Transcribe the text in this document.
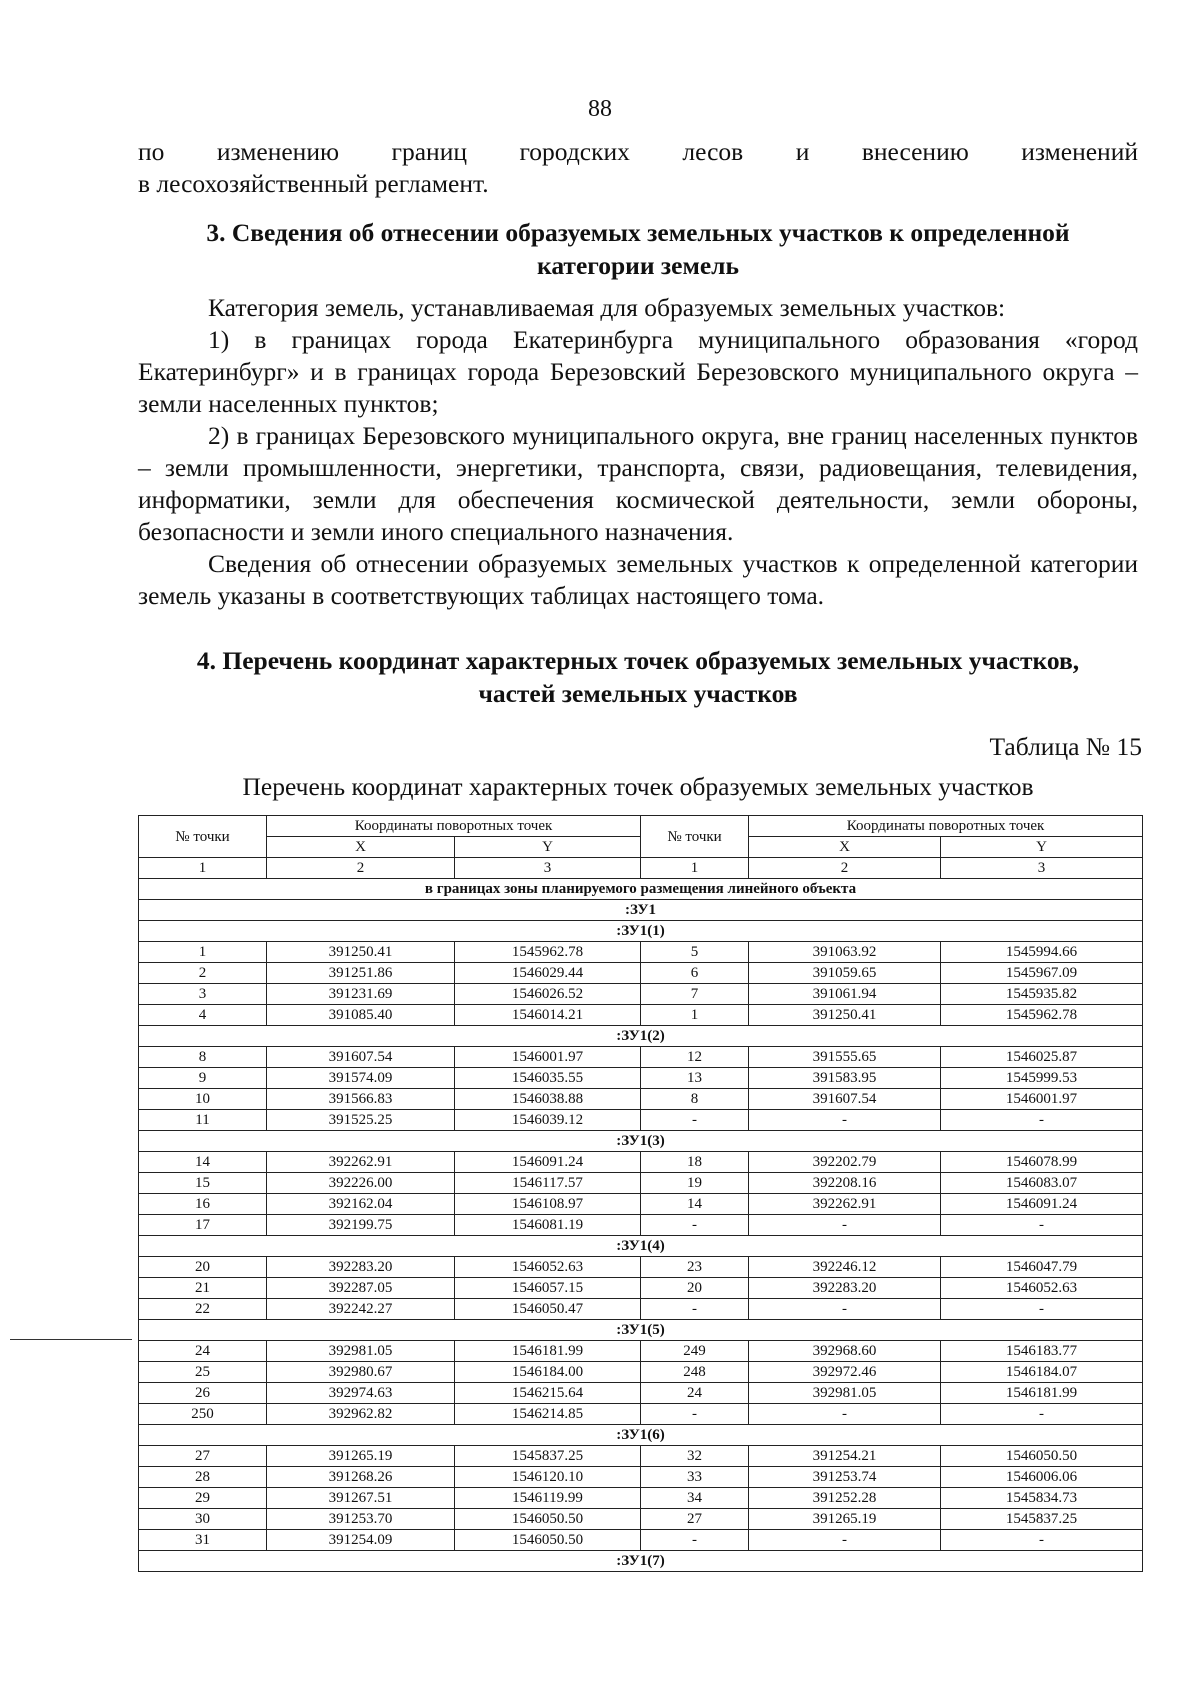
88
по изменению границ городских лесов и внесению изменений
в лесохозяйственный регламент.
3. Сведения об отнесении образуемых земельных участков к определенной
категории земель
Категория земель, устанавливаемая для образуемых земельных участков:
1) в границах города Екатеринбурга муниципального образования «город Екатеринбург» и в границах города Березовский Березовского муниципального округа – земли населенных пунктов;
2) в границах Березовского муниципального округа, вне границ населенных пунктов – земли промышленности, энергетики, транспорта, связи, радиовещания, телевидения, информатики, земли для обеспечения космической деятельности, земли обороны, безопасности и земли иного специального назначения.
Сведения об отнесении образуемых земельных участков к определенной категории земель указаны в соответствующих таблицах настоящего тома.
4. Перечень координат характерных точек образуемых земельных участков,
частей земельных участков
Таблица № 15
Перечень координат характерных точек образуемых земельных участков
№ точки	Координаты поворотных точек		№ точки	Координаты поворотных точек	
	X	Y		X	Y
1	2	3	1	2	3
в границах зоны планируемого размещения линейного объекта					
:ЗУ1					
:ЗУ1(1)					
1	391250.41	1545962.78	5	391063.92	1545994.66
2	391251.86	1546029.44	6	391059.65	1545967.09
3	391231.69	1546026.52	7	391061.94	1545935.82
4	391085.40	1546014.21	1	391250.41	1545962.78
:ЗУ1(2)					
8	391607.54	1546001.97	12	391555.65	1546025.87
9	391574.09	1546035.55	13	391583.95	1545999.53
10	391566.83	1546038.88	8	391607.54	1546001.97
11	391525.25	1546039.12	-	-	-
:ЗУ1(3)					
14	392262.91	1546091.24	18	392202.79	1546078.99
15	392226.00	1546117.57	19	392208.16	1546083.07
16	392162.04	1546108.97	14	392262.91	1546091.24
17	392199.75	1546081.19	-	-	-
:ЗУ1(4)					
20	392283.20	1546052.63	23	392246.12	1546047.79
21	392287.05	1546057.15	20	392283.20	1546052.63
22	392242.27	1546050.47	-	-	-
:ЗУ1(5)					
24	392981.05	1546181.99	249	392968.60	1546183.77
25	392980.67	1546184.00	248	392972.46	1546184.07
26	392974.63	1546215.64	24	392981.05	1546181.99
250	392962.82	1546214.85	-	-	-
:ЗУ1(6)					
27	391265.19	1545837.25	32	391254.21	1546050.50
28	391268.26	1546120.10	33	391253.74	1546006.06
29	391267.51	1546119.99	34	391252.28	1545834.73
30	391253.70	1546050.50	27	391265.19	1545837.25
31	391254.09	1546050.50	-	-	-
:ЗУ1(7)					
